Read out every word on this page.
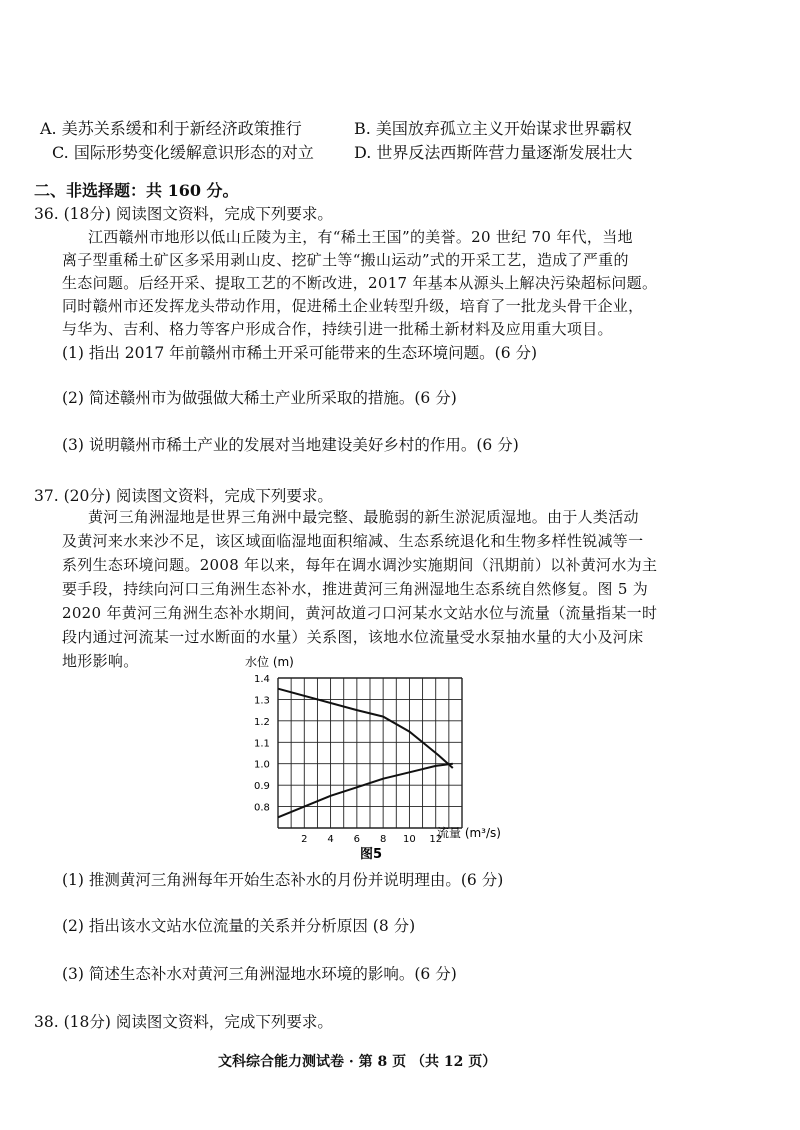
A. 美苏关系缓和利于新经济政策推行	B. 美国放弃孤立主义开始谋求世界霸权
C. 国际形势变化缓解意识形态的对立	D. 世界反法西斯阵营力量逐渐发展壮大
二、非选择题：共 160 分。
36. (18分) 阅读图文资料，完成下列要求。
江西赣州市地形以低山丘陵为主，有“稀土王国”的美誉。20 世纪 70 年代，当地
离子型重稀土矿区多采用剥山皮、挖矿土等“搬山运动”式的开采工艺，造成了严重的
生态问题。后经开采、提取工艺的不断改进，2017 年基本从源头上解决污染超标问题。
同时赣州市还发挥龙头带动作用，促进稀土企业转型升级，培育了一批龙头骨干企业，
与华为、吉利、格力等客户形成合作，持续引进一批稀土新材料及应用重大项目。
(1) 指出 2017 年前赣州市稀土开采可能带来的生态环境问题。(6 分)
(2) 简述赣州市为做强做大稀土产业所采取的措施。(6 分)
(3) 说明赣州市稀土产业的发展对当地建设美好乡村的作用。(6 分)
37. (20分) 阅读图文资料，完成下列要求。
黄河三角洲湿地是世界三角洲中最完整、最脆弱的新生淤泥质湿地。由于人类活动
及黄河来水来沙不足，该区域面临湿地面积缩减、生态系统退化和生物多样性锐减等一
系列生态环境问题。2008 年以来，每年在调水调沙实施期间（汛期前）以补黄河水为主
要手段，持续向河口三角洲生态补水，推进黄河三角洲湿地生态系统自然修复。图 5 为
2020 年黄河三角洲生态补水期间，黄河故道刁口河某水文站水位与流量（流量指某一时
段内通过河流某一过水断面的水量）关系图，该地水位流量受水泵抽水量的大小及河床
地形影响。	水位 (m)
0.8
0.9
1.0
1.1
1.2
1.3
1.4
2 4 6 8 10 12
流量 (m³/s)
图5
(1) 推测黄河三角洲每年开始生态补水的月份并说明理由。(6 分)
(2) 指出该水文站水位流量的关系并分析原因 (8 分)
(3) 简述生态补水对黄河三角洲湿地水环境的影响。(6 分)
38. (18分) 阅读图文资料，完成下列要求。
文科综合能力测试卷 · 第 8 页 （共 12 页）
